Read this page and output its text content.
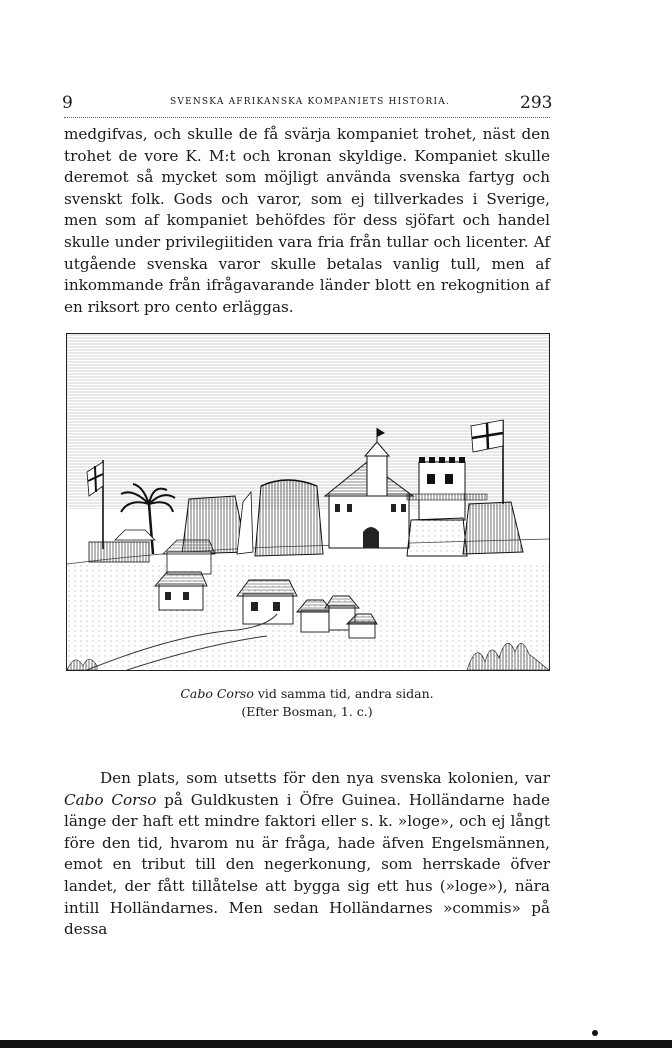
9	SVENSKA AFRIKANSKA KOMPANIETS HISTORIA.	293

medgifvas, och skulle de få svärja kompaniet trohet, näst den trohet de vore K. M:t och kronan skyldige. Kompaniet skulle deremot så mycket som möjligt använda svenska fartyg och svenskt folk. Gods och varor, som ej tillverkades i Sverige, men som af kompaniet behöfdes för dess sjöfart och handel skulle under privilegiitiden vara fria från tullar och licenter. Af utgående svenska varor skulle betalas vanlig tull, men af inkommande från ifrågavarande länder blott en rekognition af en riksort pro cento erläggas.

Cabo Corso vid samma tid, andra sidan.
(Efter Bosman, 1. c.)

Den plats, som utsetts för den nya svenska kolonien, var Cabo Corso på Guldkusten i Öfre Guinea. Holländarne hade länge der haft ett mindre faktori eller s. k. »loge», och ej långt före den tid, hvarom nu är fråga, hade äfven Engelsmännen, emot en tribut till den negerkonung, som herrskade öfver landet, der fått tillåtelse att bygga sig ett hus (»loge»), nära intill Holländarnes. Men sedan Holländarnes »commis» på dessa
